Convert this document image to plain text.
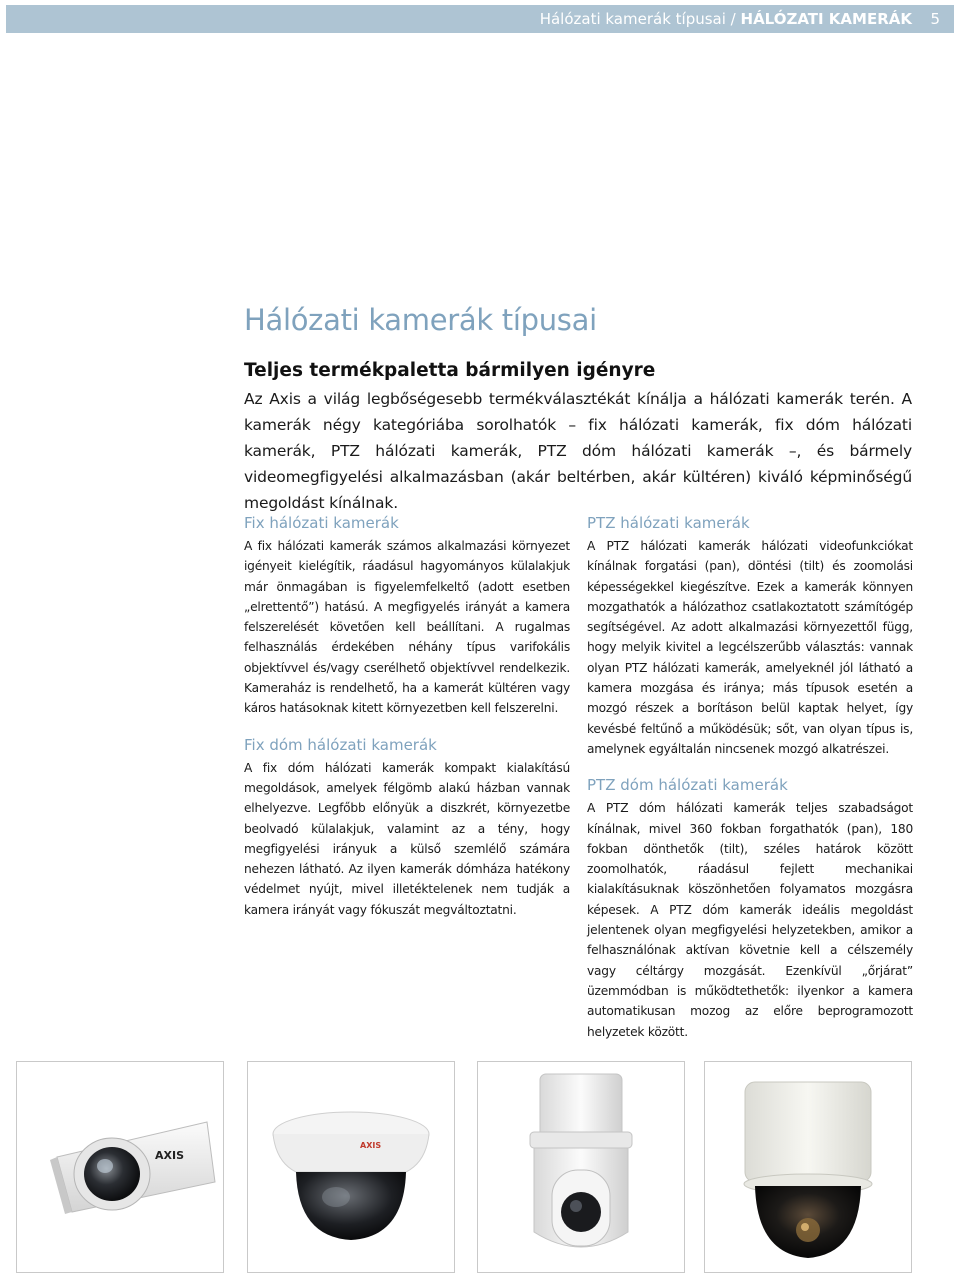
Hálózati kamerák típusai / HÁLÓZATI KAMERÁK 5
Hálózati kamerák típusai
Teljes termékpaletta bármilyen igényre

Az Axis a világ legbőségesebb termékválasztékát kínálja a hálózati kamerák terén. A kamerák négy kategóriába sorolhatók – fix hálózati kamerák, fix dóm hálózati kamerák, PTZ hálózati kamerák, PTZ dóm hálózati kamerák –, és bármely videomegfigyelési alkalmazásban (akár beltérben, akár kültéren) kiváló képminőségű megoldást kínálnak.

Fix hálózati kamerák

A fix hálózati kamerák számos alkalmazási környezet igényeit kielégítik, ráadásul hagyományos külalakjuk már önmagában is figyelemfelkeltő (adott esetben „elrettentő”) hatású. A megfigyelés irányát a kamera felszerelését követően kell beállítani. A rugalmas felhasználás érdekében néhány típus varifokális objektívvel és/vagy cserélhető objektívvel rendelkezik. Kameraház is rendelhető, ha a kamerát kültéren vagy káros hatásoknak kitett környezetben kell felszerelni.

Fix dóm hálózati kamerák

A fix dóm hálózati kamerák kompakt kialakítású megoldások, amelyek félgömb alakú házban vannak elhelyezve. Legfőbb előnyük a diszkrét, környezetbe beolvadó külalakjuk, valamint az a tény, hogy megfigyelési irányuk a külső szemlélő számára nehezen látható. Az ilyen kamerák dómháza hatékony védelmet nyújt, mivel illetéktelenek nem tudják a kamera irányát vagy fókuszát megváltoztatni.

PTZ hálózati kamerák

A PTZ hálózati kamerák hálózati videofunkciókat kínálnak forgatási (pan), döntési (tilt) és zoomolási képességekkel kiegészítve. Ezek a kamerák könnyen mozgathatók a hálózathoz csatlakoztatott számítógép segítségével. Az adott alkalmazási környezettől függ, hogy melyik kivitel a legcélszerűbb választás: vannak olyan PTZ hálózati kamerák, amelyeknél jól látható a kamera mozgása és iránya; más típusok esetén a mozgó részek a borításon belül kaptak helyet, így kevésbé feltűnő a működésük; sőt, van olyan típus is, amelynek egyáltalán nincsenek mozgó alkatrészei.

PTZ dóm hálózati kamerák

A PTZ dóm hálózati kamerák teljes szabadságot kínálnak, mivel 360 fokban forgathatók (pan), 180 fokban dönthetők (tilt), széles határok között zoomolhatók, ráadásul fejlett mechanikai kialakításuknak köszönhetően folyamatos mozgásra képesek. A PTZ dóm kamerák ideális megoldást jelentenek olyan megfigyelési helyzetekben, amikor a felhasználónak aktívan követnie kell a célszemély vagy céltárgy mozgását. Ezenkívül „őrjárat” üzemmódban is működtethetők: ilyenkor a kamera automatikusan mozog az előre beprogramozott helyzetek között.

AXIS
AXIS
